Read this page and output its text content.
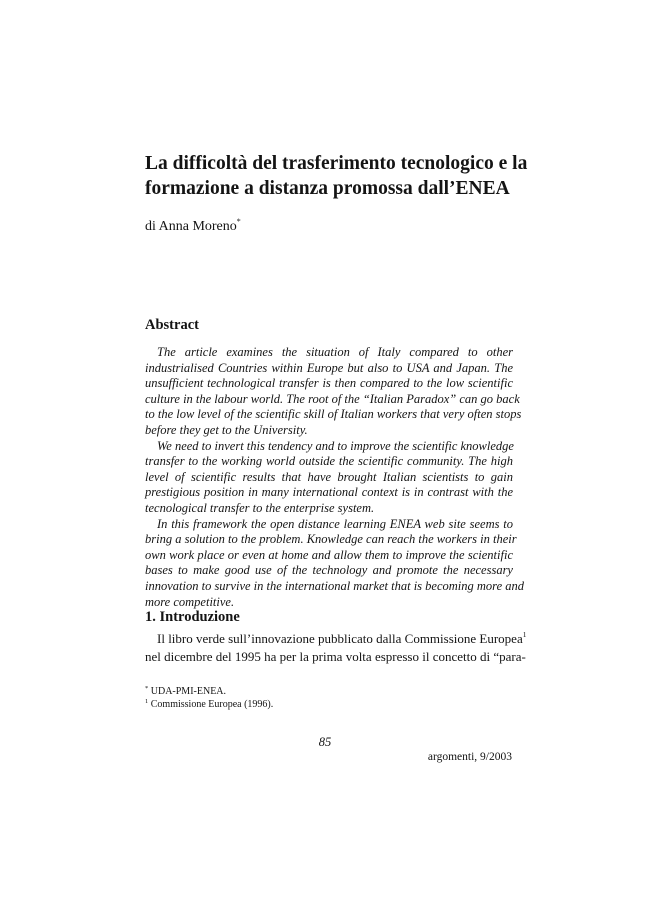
La difficoltà del trasferimento tecnologico e la
formazione a distanza promossa dall’ENEA

di Anna Moreno*

Abstract

The article examines the situation of Italy compared to other
industrialised Countries within Europe but also to USA and Japan. The
unsufficient technological transfer is then compared to the low scientific
culture in the labour world. The root of the “Italian Paradox” can go back
to the low level of the scientific skill of Italian workers that very often stops
before they get to the University.

We need to invert this tendency and to improve the scientific knowledge
transfer to the working world outside the scientific community. The high
level of scientific results that have brought Italian scientists to gain
prestigious position in many international context is in contrast with the
tecnological transfer to the enterprise system.

In this framework the open distance learning ENEA web site seems to
bring a solution to the problem. Knowledge can reach the workers in their
own work place or even at home and allow them to improve the scientific
bases to make good use of the technology and promote the necessary
innovation to survive in the international market that is becoming more and
more competitive.

1. Introduzione
Il libro verde sull’innovazione pubblicato dalla Commissione Europea$^1$
nel dicembre del 1995 ha per la prima volta espresso il concetto di “para-
* UDA-PMI-ENEA.
$^1$ Commissione Europea (1996).
85
argomenti, 9/2003
